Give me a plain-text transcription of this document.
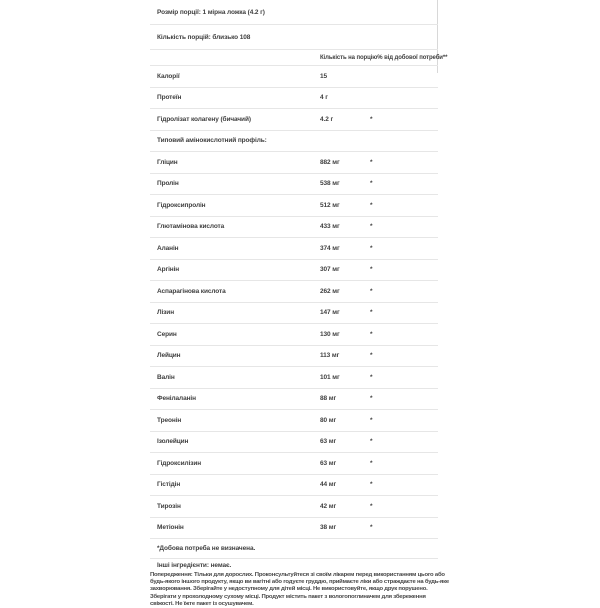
Розмір порції: 1 мірна ложка (4.2 г)
Кількість порцій: близько 108
Кількість на порцію % від добової потреби**
Калорії	15
Протеїн	4 г
Гідролізат колагену (бичачий)	4.2 г	*
Типовий амінокислотний профіль:
Гліцин	882 мг	*
Пролін	538 мг	*
Гідроксипролін	512 мг	*
Глютамінова кислота	433 мг	*
Аланін	374 мг	*
Аргінін	307 мг	*
Аспарагінова кислота	262 мг	*
Лізин	147 мг	*
Серин	130 мг	*
Лейцин	113 мг	*
Валін	101 мг	*
Фенілаланін	88 мг	*
Треонін	80 мг	*
Ізолейцин	63 мг	*
Гідроксилізин	63 мг	*
Гістідін	44 мг	*
Тирозін	42 мг	*
Метіонін	38 мг	*
*Добова потреба не визначена.
Інші інгредієнти: немає.

Попередження: Тільки для дорослих. Проконсультуйтеся зі своїм лікарем перед використанням цього або будь-якого іншого продукту, якщо ви вагітні або годуєте груддю, приймаєте ліки або страждаєте на будь-яке захворювання. Зберігайте у недоступному для дітей місці. Не використовуйте, якщо друк порушено. Зберігати у прохолодному сухому місці. Продукт містить пакет з вологопоглиначем для збереження свіжості. Не їжте пакет із осушувачем.
